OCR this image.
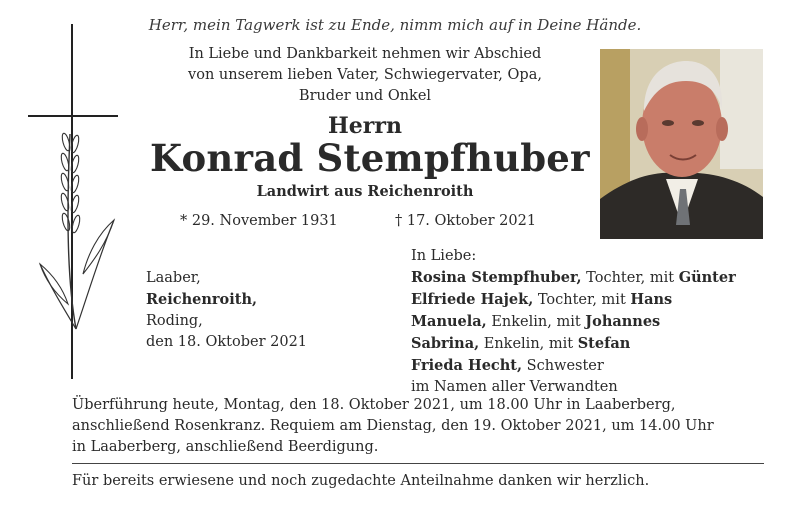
Herr, mein Tagwerk ist zu Ende, nimm mich auf in Deine Hände.
In Liebe und Dankbarkeit nehmen wir Abschied
von unserem lieben Vater, Schwiegervater, Opa,
Bruder und Onkel
Herrn
Konrad Stempfhuber
Landwirt aus Reichenroith
* 29. November 1931	† 17. Oktober 2021
Laaber,
Reichenroith,
Roding,
den 18. Oktober 2021
In Liebe:
Rosina Stempfhuber, Tochter, mit Günter
Elfriede Hajek, Tochter, mit Hans
Manuela, Enkelin, mit Johannes
Sabrina, Enkelin, mit Stefan
Frieda Hecht, Schwester
im Namen aller Verwandten
Überführung heute, Montag, den 18. Oktober 2021, um 18.00 Uhr in Laaberberg,
anschließend Rosenkranz. Requiem am Dienstag, den 19. Oktober 2021, um 14.00 Uhr
in Laaberberg, anschließend Beerdigung.
Für bereits erwiesene und noch zugedachte Anteilnahme danken wir herzlich.
